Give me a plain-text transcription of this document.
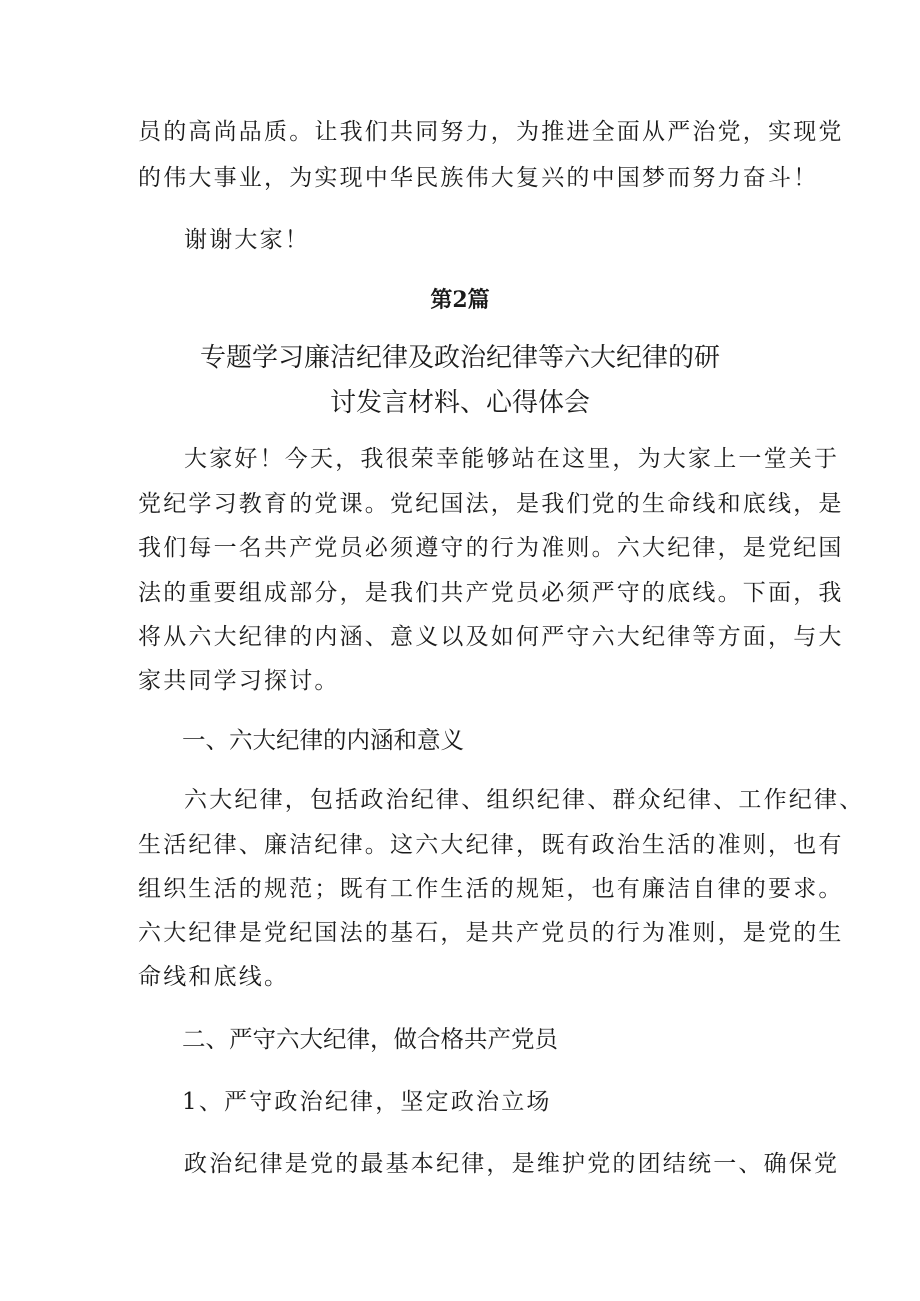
员的高尚品质。让我们共同努力，为推进全面从严治党，实现党
的伟大事业，为实现中华民族伟大复兴的中国梦而努力奋斗！
谢谢大家！
第2篇
专题学习廉洁纪律及政治纪律等六大纪律的研
讨发言材料、心得体会
大家好！今天，我很荣幸能够站在这里，为大家上一堂关于
党纪学习教育的党课。党纪国法，是我们党的生命线和底线，是
我们每一名共产党员必须遵守的行为准则。六大纪律，是党纪国
法的重要组成部分，是我们共产党员必须严守的底线。下面，我
将从六大纪律的内涵、意义以及如何严守六大纪律等方面，与大
家共同学习探讨。
一、六大纪律的内涵和意义
六大纪律，包括政治纪律、组织纪律、群众纪律、工作纪律、
生活纪律、廉洁纪律。这六大纪律，既有政治生活的准则，也有
组织生活的规范；既有工作生活的规矩，也有廉洁自律的要求。
六大纪律是党纪国法的基石，是共产党员的行为准则，是党的生
命线和底线。
二、严守六大纪律，做合格共产党员
1、严守政治纪律，坚定政治立场
政治纪律是党的最基本纪律，是维护党的团结统一、确保党
